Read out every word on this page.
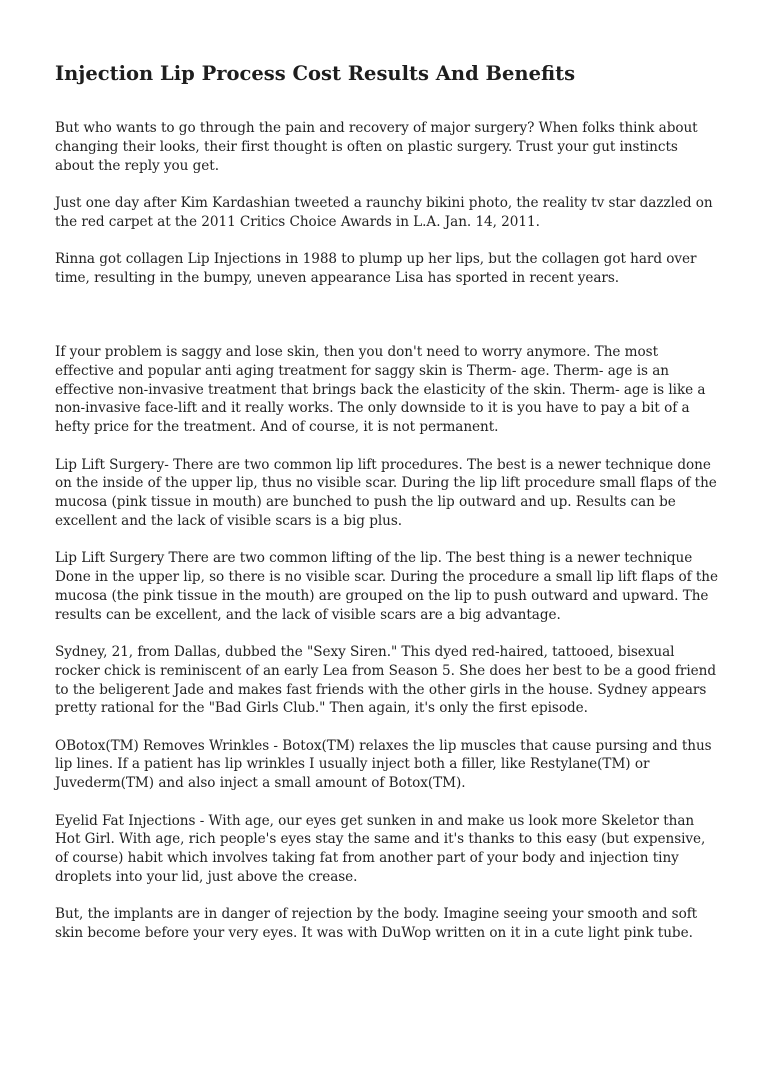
Injection Lip Process Cost Results And Benefits

But who wants to go through the pain and recovery of major surgery? When folks think about changing their looks, their first thought is often on plastic surgery. Trust your gut instincts about the reply you get.

Just one day after Kim Kardashian tweeted a raunchy bikini photo, the reality tv star dazzled on the red carpet at the 2011 Critics Choice Awards in L.A. Jan. 14, 2011.

Rinna got collagen Lip Injections in 1988 to plump up her lips, but the collagen got hard over time, resulting in the bumpy, uneven appearance Lisa has sported in recent years.

If your problem is saggy and lose skin, then you don't need to worry anymore. The most effective and popular anti aging treatment for saggy skin is Therm- age. Therm- age is an effective non-invasive treatment that brings back the elasticity of the skin. Therm- age is like a non-invasive face-lift and it really works. The only downside to it is you have to pay a bit of a hefty price for the treatment. And of course, it is not permanent.

Lip Lift Surgery- There are two common lip lift procedures. The best is a newer technique done on the inside of the upper lip, thus no visible scar. During the lip lift procedure small flaps of the mucosa (pink tissue in mouth) are bunched to push the lip outward and up. Results can be excellent and the lack of visible scars is a big plus.

Lip Lift Surgery There are two common lifting of the lip. The best thing is a newer technique Done in the upper lip, so there is no visible scar. During the procedure a small lip lift flaps of the mucosa (the pink tissue in the mouth) are grouped on the lip to push outward and upward. The results can be excellent, and the lack of visible scars are a big advantage.

Sydney, 21, from Dallas, dubbed the "Sexy Siren." This dyed red-haired, tattooed, bisexual rocker chick is reminiscent of an early Lea from Season 5. She does her best to be a good friend to the beligerent Jade and makes fast friends with the other girls in the house. Sydney appears pretty rational for the "Bad Girls Club." Then again, it's only the first episode.

OBotox(TM) Removes Wrinkles - Botox(TM) relaxes the lip muscles that cause pursing and thus lip lines. If a patient has lip wrinkles I usually inject both a filler, like Restylane(TM) or Juvederm(TM) and also inject a small amount of Botox(TM).

Eyelid Fat Injections - With age, our eyes get sunken in and make us look more Skeletor than Hot Girl. With age, rich people's eyes stay the same and it's thanks to this easy (but expensive, of course) habit which involves taking fat from another part of your body and injection tiny droplets into your lid, just above the crease.

But, the implants are in danger of rejection by the body. Imagine seeing your smooth and soft skin become before your very eyes. It was with DuWop written on it in a cute light pink tube.
